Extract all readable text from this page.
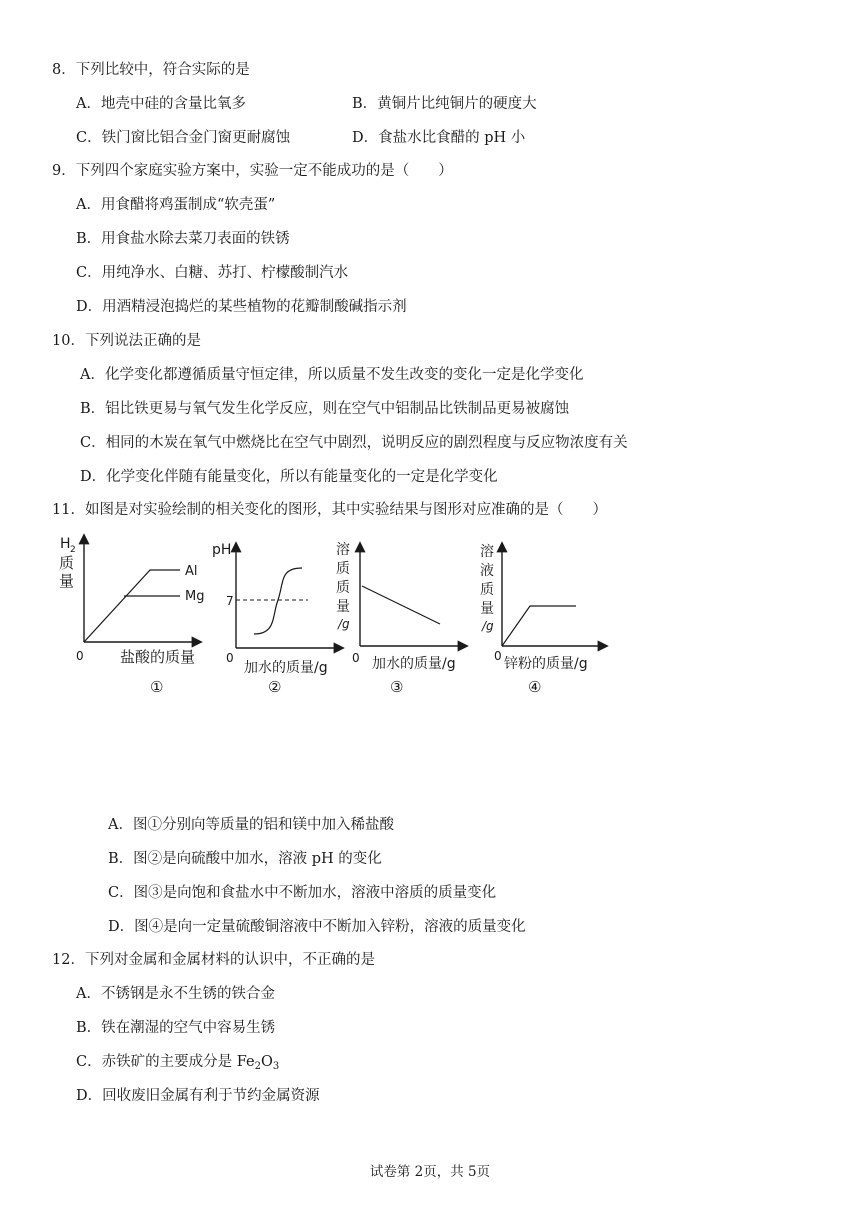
8．下列比较中，符合实际的是
A．地壳中硅的含量比氧多	B．黄铜片比纯铜片的硬度大
C．铁门窗比铝合金门窗更耐腐蚀	D．食盐水比食醋的 pH 小
9．下列四个家庭实验方案中，实验一定不能成功的是（　　）
A．用食醋将鸡蛋制成“软壳蛋”
B．用食盐水除去菜刀表面的铁锈
C．用纯净水、白糖、苏打、柠檬酸制汽水
D．用酒精浸泡捣烂的某些植物的花瓣制酸碱指示剂
10．下列说法正确的是
A．化学变化都遵循质量守恒定律，所以质量不发生改变的变化一定是化学变化
B．铝比铁更易与氧气发生化学反应，则在空气中铝制品比铁制品更易被腐蚀
C．相同的木炭在氧气中燃烧比在空气中剧烈，说明反应的剧烈程度与反应物浓度有关
D．化学变化伴随有能量变化，所以有能量变化的一定是化学变化
11．如图是对实验绘制的相关变化的图形，其中实验结果与图形对应准确的是（　　）
H 2
质
量
Al
Mg
0 盐酸的质量
①
pH
7
0
加水的质量/g
②
溶
质
质
量
/g
0 加水的质量/g
③
溶
液
质
量
/g
0 锌粉的质量/g
④
A．图①分别向等质量的铝和镁中加入稀盐酸
B．图②是向硫酸中加水，溶液 pH 的变化
C．图③是向饱和食盐水中不断加水，溶液中溶质的质量变化
D．图④是向一定量硫酸铜溶液中不断加入锌粉，溶液的质量变化
12．下列对金属和金属材料的认识中，不正确的是
A．不锈钢是永不生锈的铁合金
B．铁在潮湿的空气中容易生锈
C．赤铁矿的主要成分是 $Fe_2O_3$
D．回收废旧金属有利于节约金属资源
试卷第 2页，共 5页
